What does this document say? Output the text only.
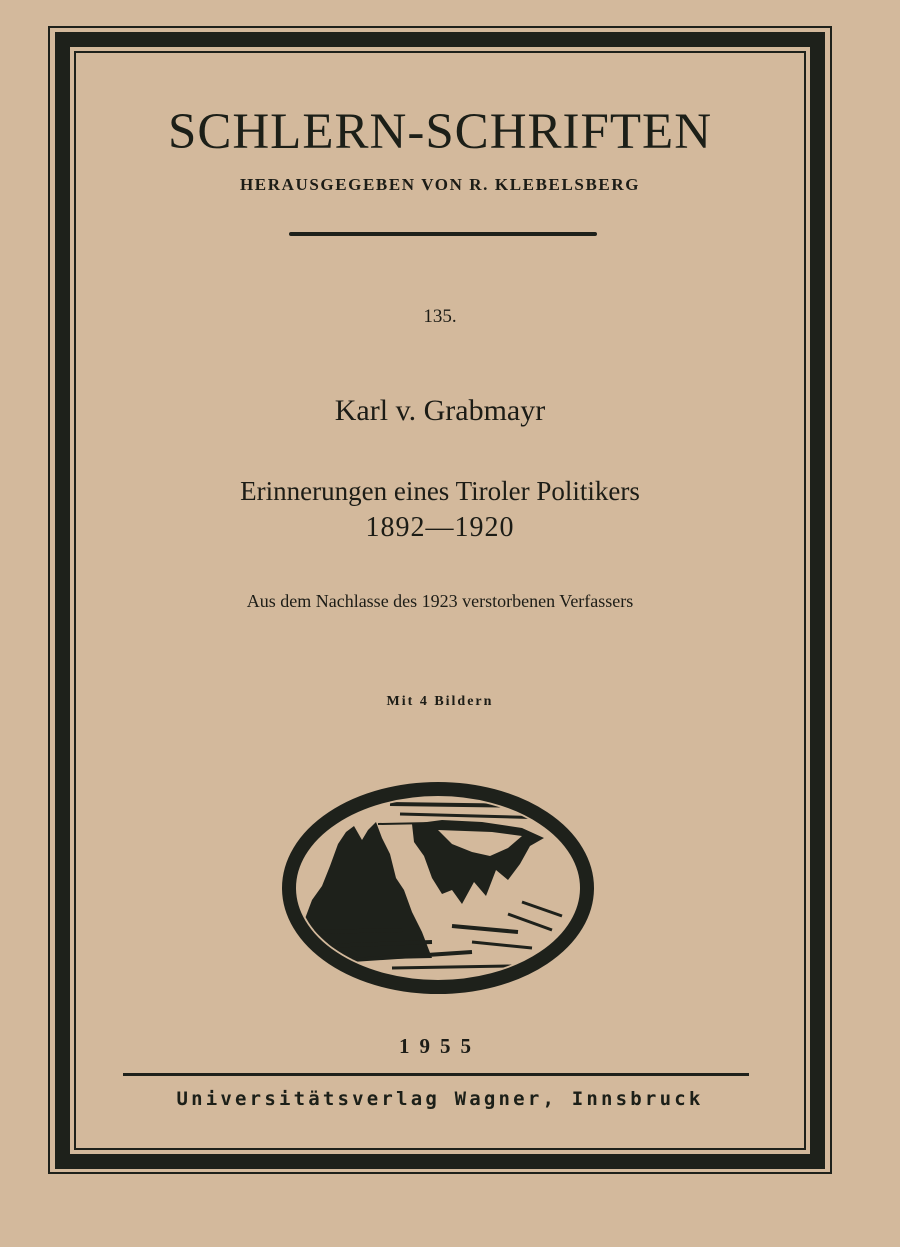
SCHLERN-SCHRIFTEN
HERAUSGEGEBEN VON R. KLEBELSBERG
135.
Karl v. Grabmayr
Erinnerungen eines Tiroler Politikers
1892—1920
Aus dem Nachlasse des 1923 verstorbenen Verfassers
Mit 4 Bildern
1955
Universitätsverlag Wagner, Innsbruck
